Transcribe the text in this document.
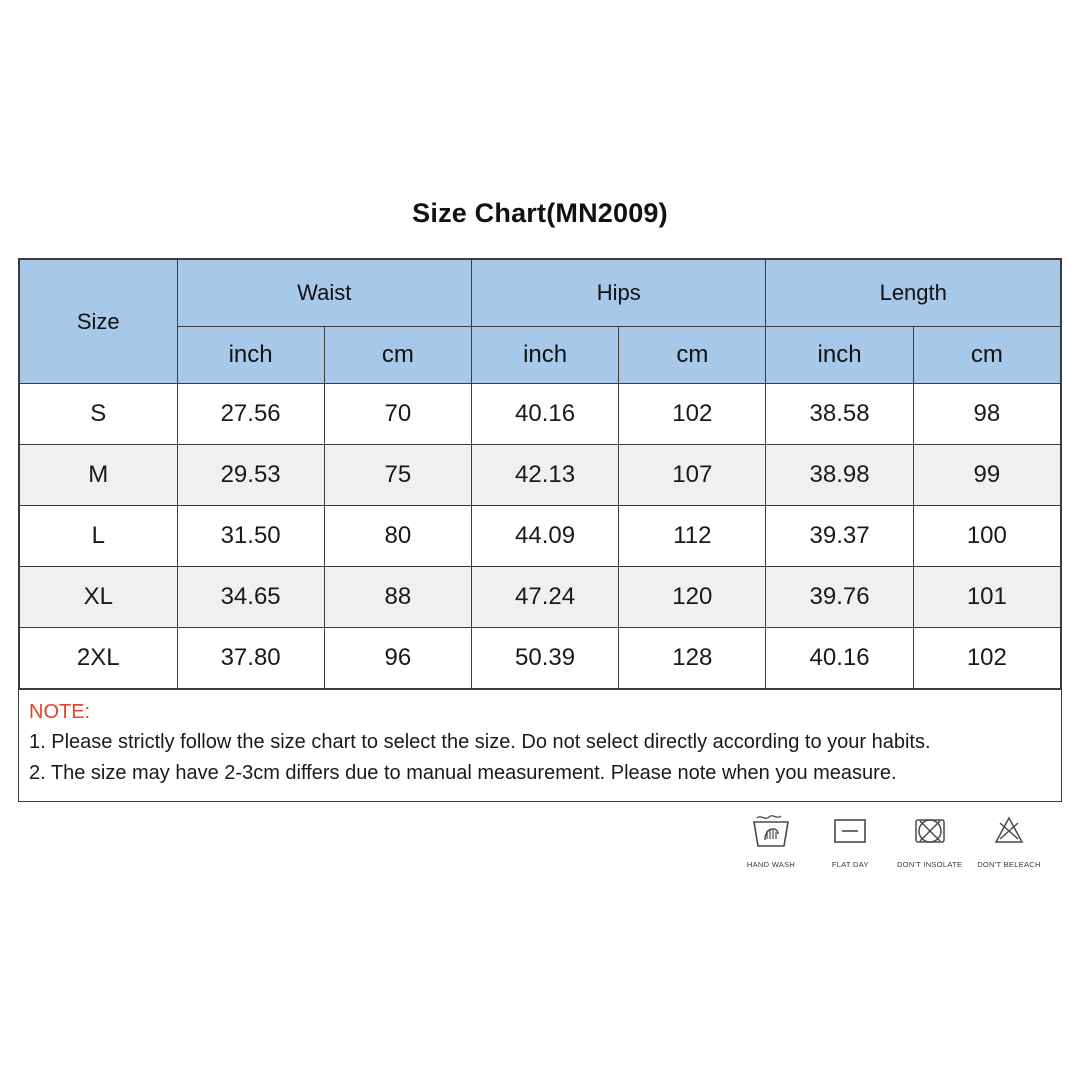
Size Chart(MN2009)
Size	Waist		Hips		Length	
	inch	cm	inch	cm	inch	cm
S	27.56	70	40.16	102	38.58	98
M	29.53	75	42.13	107	38.98	99
L	31.50	80	44.09	112	39.37	100
XL	34.65	88	47.24	120	39.76	101
2XL	37.80	96	50.39	128	40.16	102
NOTE:
1. Please strictly follow the size chart to select the size. Do not select directly according to your habits.
2. The size may have 2-3cm differs due to manual measurement. Please note when you measure.
HAND WASH	FLAT DAY	DON'T INSOLATE	DON'T BELEACH
